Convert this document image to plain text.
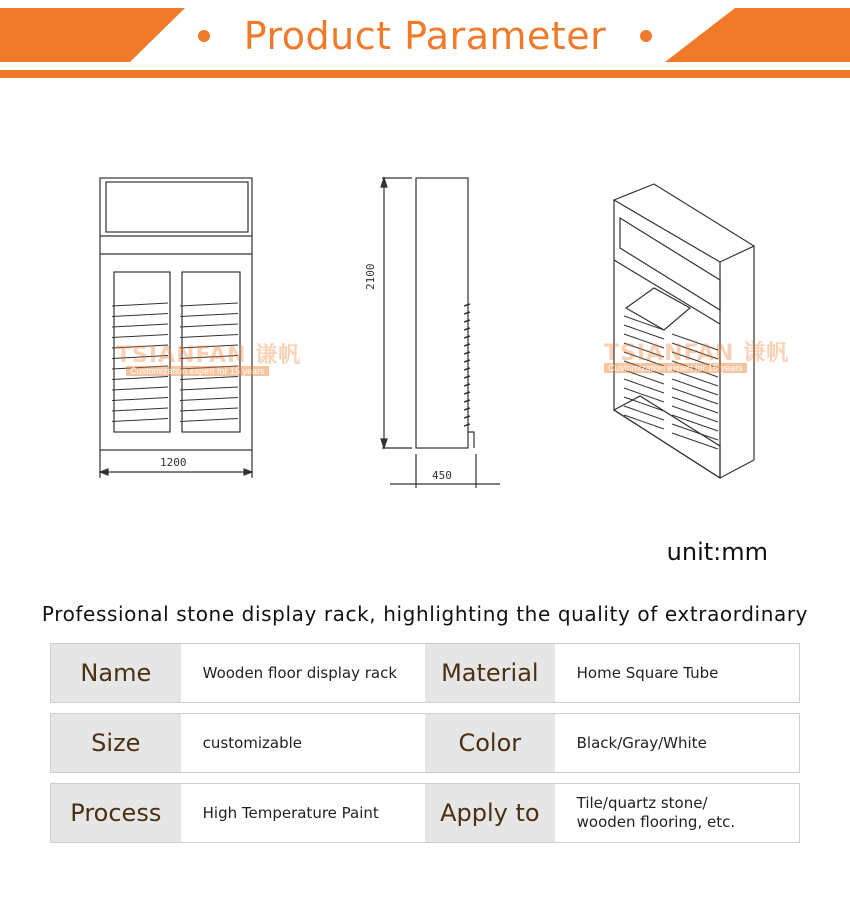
Product Parameter
1200
2100
450
TSIANFAN 谦帆
Customization expert for 15 years
TSIANFAN 谦帆
Customization expert for 15 years
unit:mm
Professional stone display rack, highlighting the quality of extraordinary
Name	Wooden floor display rack	Material	Home Square Tube
Size	customizable	Color	Black/Gray/White
Process	High Temperature Paint	Apply to	Tile/quartz stone/
wooden flooring, etc.
